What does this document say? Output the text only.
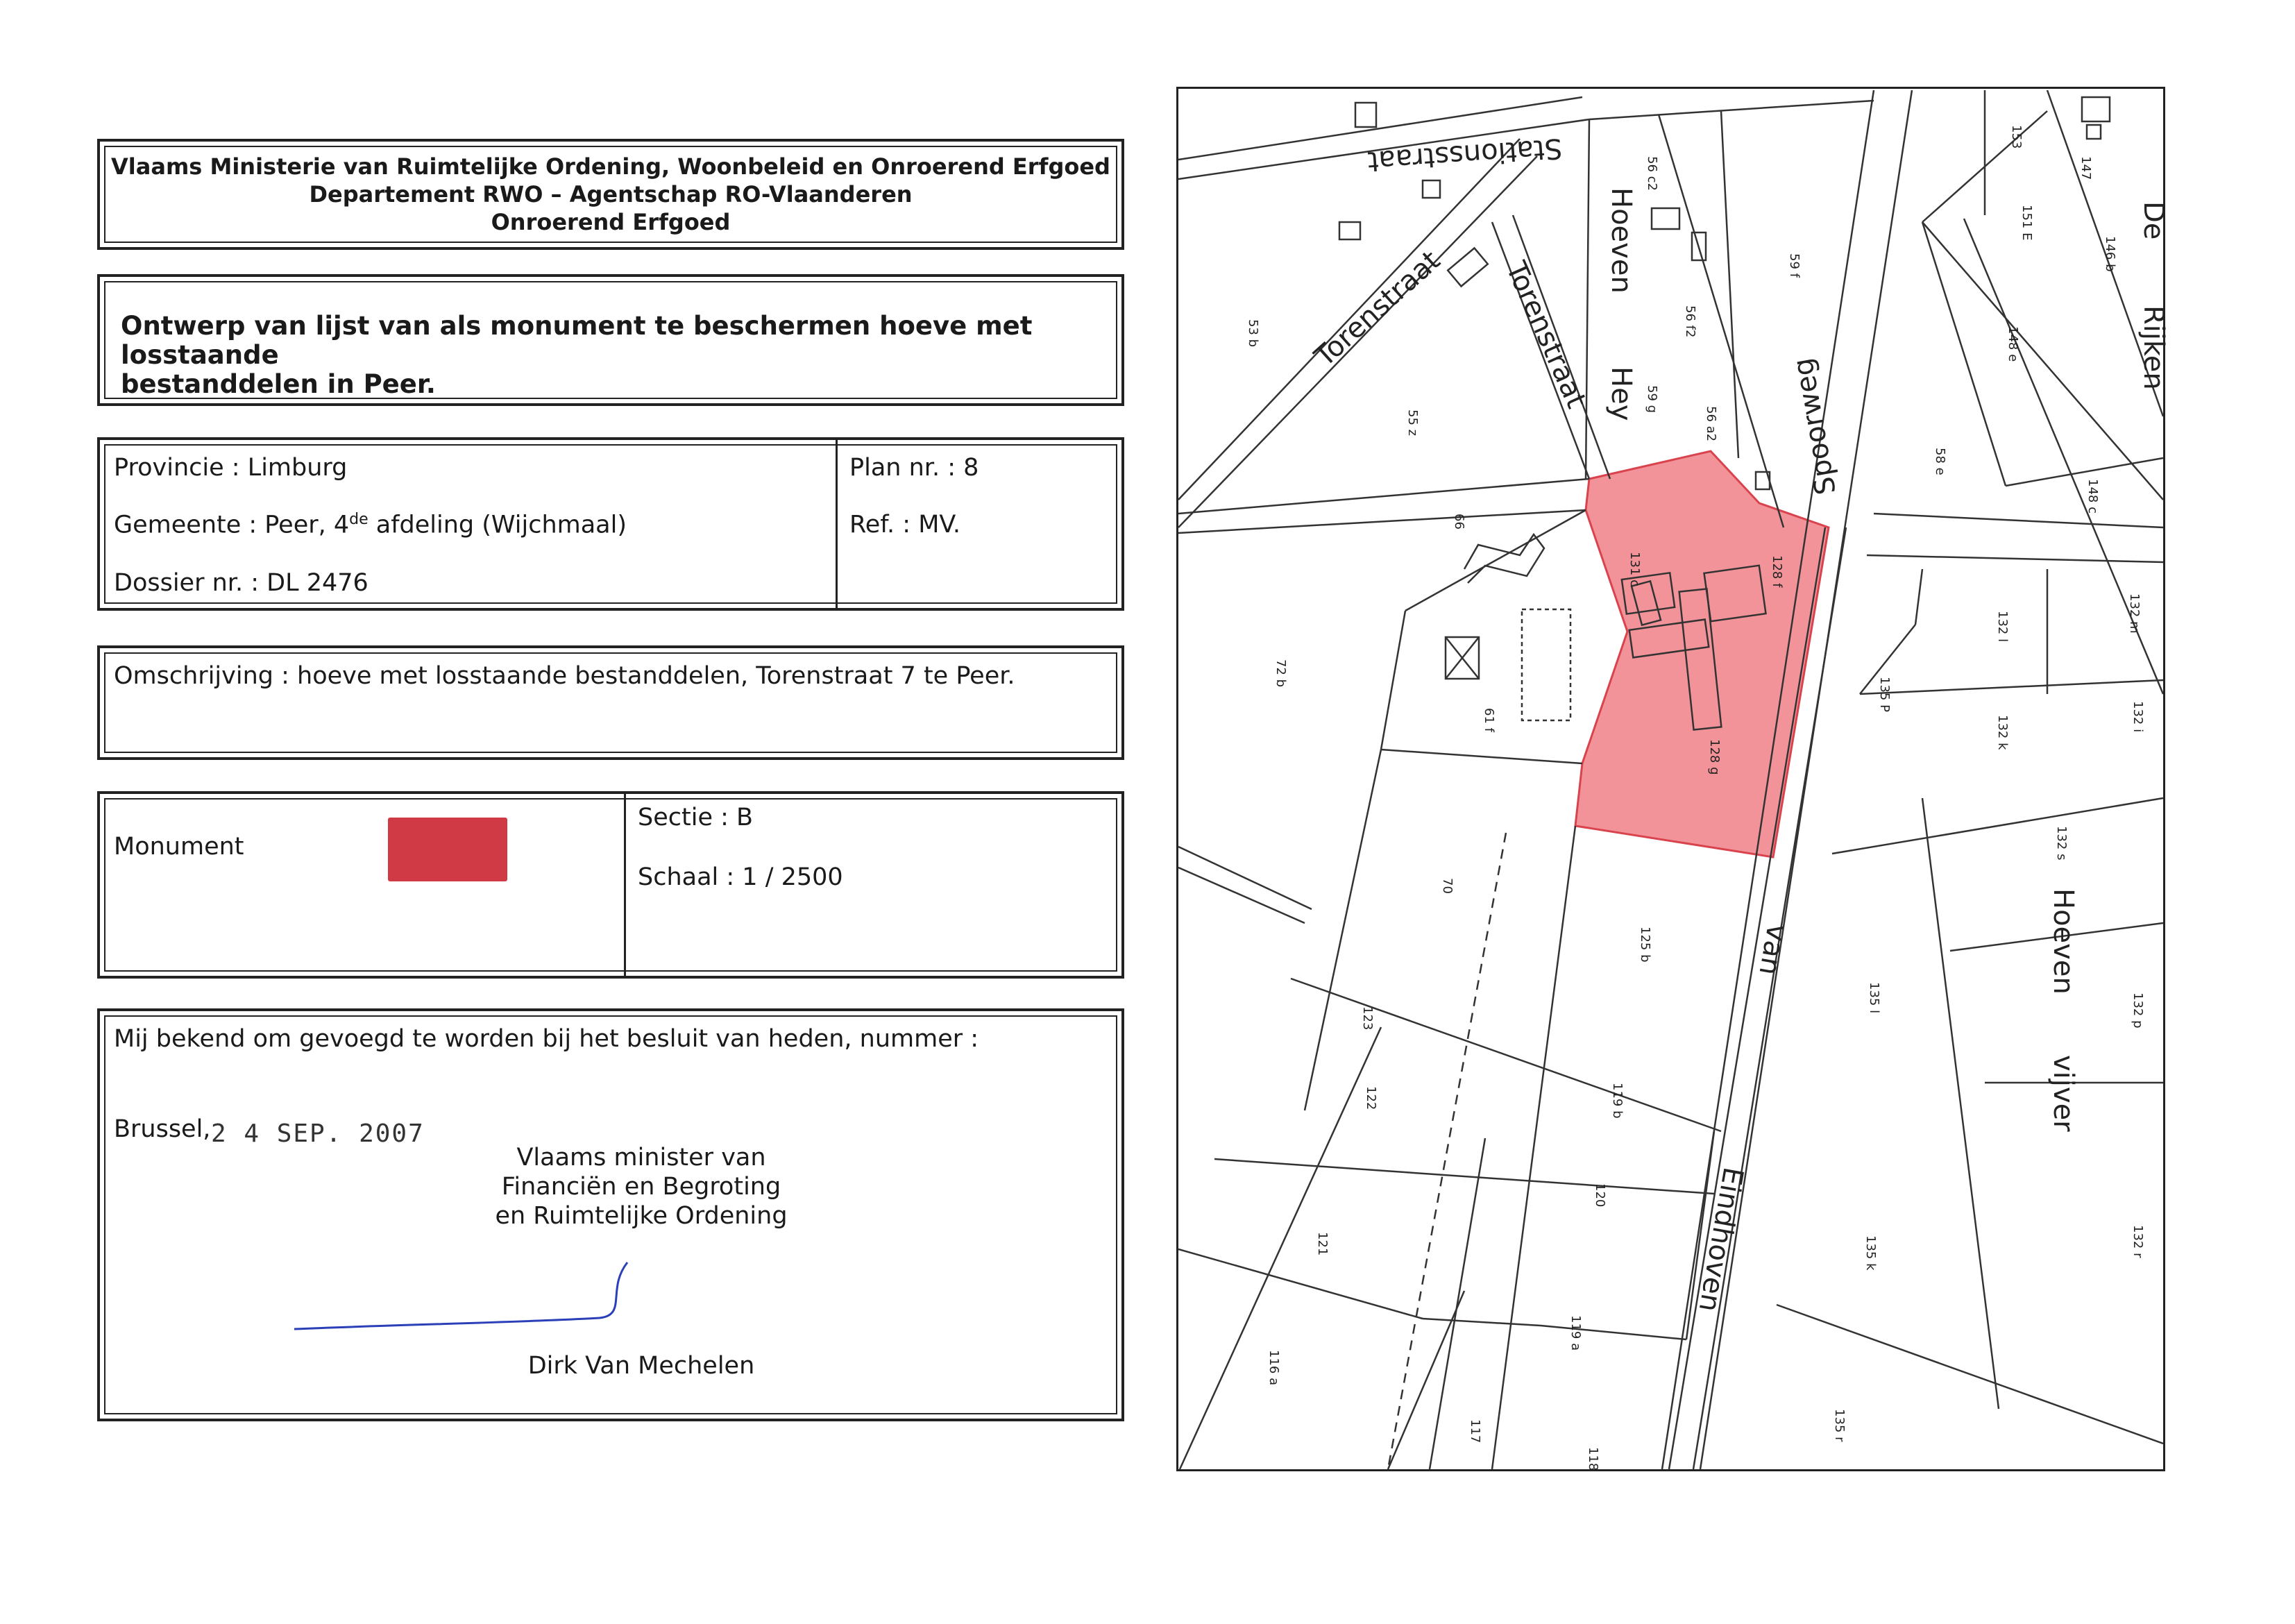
Vlaams Ministerie van Ruimtelijke Ordening, Woonbeleid en Onroerend Erfgoed
Departement RWO – Agentschap RO-Vlaanderen
Onroerend Erfgoed
Ontwerp van lijst van als monument te beschermen hoeve met losstaande
bestanddelen in Peer.
Provincie : Limburg
Gemeente : Peer, 4de afdeling (Wijchmaal)
Dossier nr. : DL 2476
Plan nr. : 8
Ref. : MV.
Omschrijving : hoeve met losstaande bestanddelen, Torenstraat 7 te Peer.
Monument
Sectie : B
Schaal : 1 / 2500
Mij bekend om gevoegd te worden bij het besluit van heden, nummer :
Brussel, 2 4 SEP. 2007
Vlaams minister van
Financiën en Begroting
en Ruimtelijke Ordening
Dirk Van Mechelen
Stationsstraat
Torenstraat Torenstraat
Hoeven
Hey	Spoorweg
van
Eindhoven
De
Rijken
Hoeven
vijver
53 b
55 z
56 c2
56 f2
59 g
56 a2
59 f
66
72 b
131 c	128 f
128 g
61 f
70
125 b
123
122	119 b
120
121
119 a
116 a
117
118
153
151 E
147
146 b
148 e
58 e
148 c
132 l	132 m
135 P
132 k	132 i
132 s
135 l	132 p
135 k	132 r
135 r
